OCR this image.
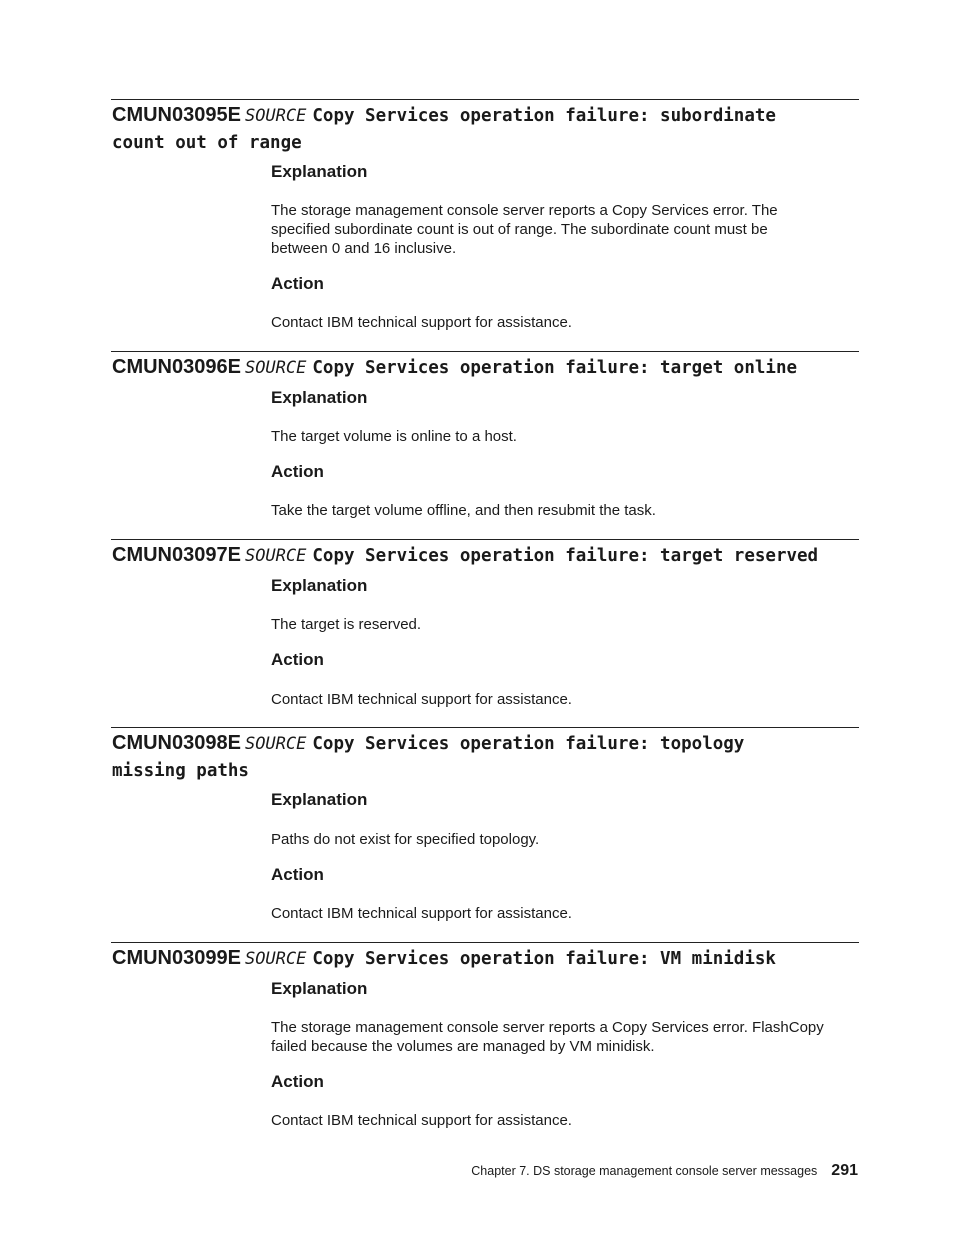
CMUN03095E SOURCE Copy Services operation failure: subordinate
count out of range
Explanation
The storage management console server reports a Copy Services error. The
specified subordinate count is out of range. The subordinate count must be
between 0 and 16 inclusive.
Action
Contact IBM technical support for assistance.
CMUN03096E SOURCE Copy Services operation failure: target online
Explanation
The target volume is online to a host.
Action
Take the target volume offline, and then resubmit the task.
CMUN03097E SOURCE Copy Services operation failure: target reserved
Explanation
The target is reserved.
Action
Contact IBM technical support for assistance.
CMUN03098E SOURCE Copy Services operation failure: topology
missing paths
Explanation
Paths do not exist for specified topology.
Action
Contact IBM technical support for assistance.
CMUN03099E SOURCE Copy Services operation failure: VM minidisk
Explanation
The storage management console server reports a Copy Services error. FlashCopy
failed because the volumes are managed by VM minidisk.
Action
Contact IBM technical support for assistance.
Chapter 7. DS storage management console server messages 291
